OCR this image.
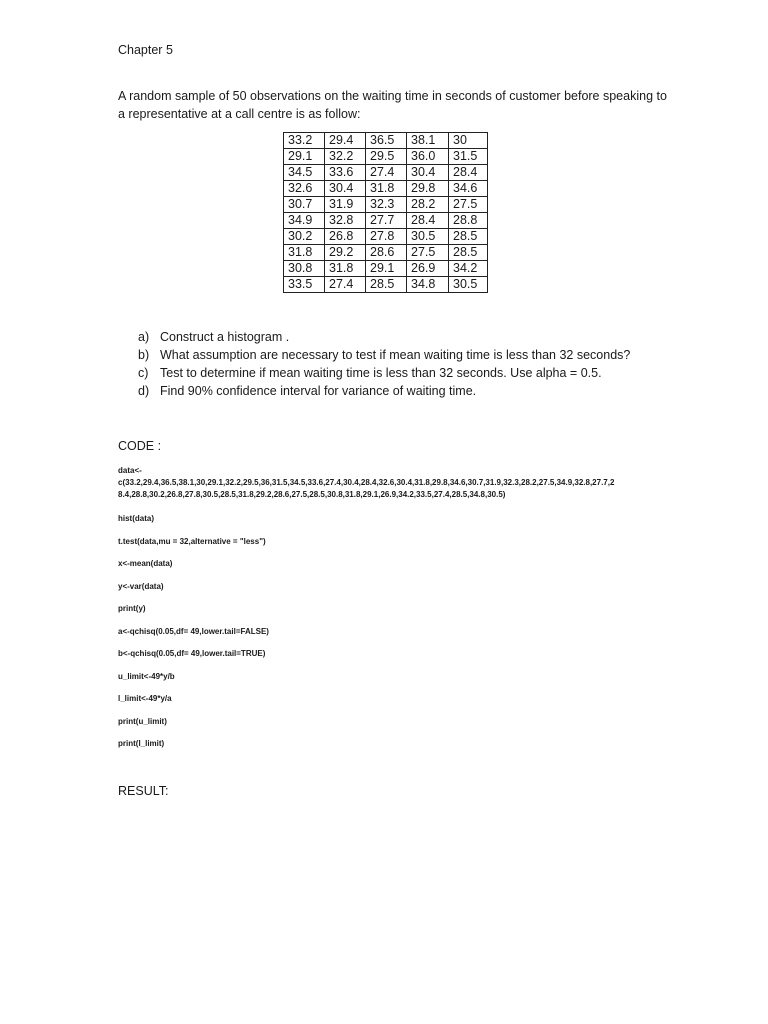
Chapter 5
A random sample of 50 observations on the waiting time in seconds of customer before speaking to
a representative at a call centre is as follow:
33.2	29.4	36.5	38.1	30
29.1	32.2	29.5	36.0	31.5
34.5	33.6	27.4	30.4	28.4
32.6	30.4	31.8	29.8	34.6
30.7	31.9	32.3	28.2	27.5
34.9	32.8	27.7	28.4	28.8
30.2	26.8	27.8	30.5	28.5
31.8	29.2	28.6	27.5	28.5
30.8	31.8	29.1	26.9	34.2
33.5	27.4	28.5	34.8	30.5
a) Construct a histogram .
b) What assumption are necessary to test if mean waiting time is less than 32 seconds?
c) Test to determine if mean waiting time is less than 32 seconds. Use alpha = 0.5.
d) Find 90% confidence interval for variance of waiting time.
CODE :
data<-
c(33.2,29.4,36.5,38.1,30,29.1,32.2,29.5,36,31.5,34.5,33.6,27.4,30.4,28.4,32.6,30.4,31.8,29.8,34.6,30.7,31.9,32.3,28.2,27.5,34.9,32.8,27.7,2
8.4,28.8,30.2,26.8,27.8,30.5,28.5,31.8,29.2,28.6,27.5,28.5,30.8,31.8,29.1,26.9,34.2,33.5,27.4,28.5,34.8,30.5)
hist(data)
t.test(data,mu = 32,alternative = "less")
x<-mean(data)
y<-var(data)
print(y)
a<-qchisq(0.05,df= 49,lower.tail=FALSE)
b<-qchisq(0.05,df= 49,lower.tail=TRUE)
u_limit<-49*y/b
l_limit<-49*y/a
print(u_limit)
print(l_limit)
RESULT:
